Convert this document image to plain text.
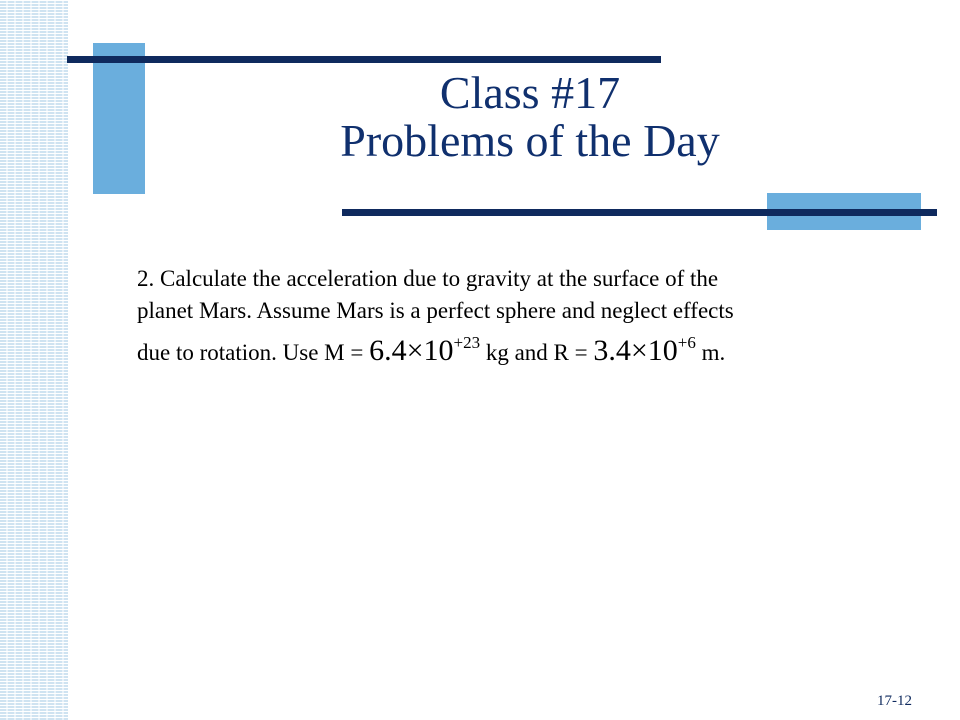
Class #17
Problems of the Day
2. Calculate the acceleration due to gravity at the surface of the
planet Mars. Assume Mars is a perfect sphere and neglect effects
due to rotation. Use $M = 6.4\times 10^{+23}$ kg and $R = 3.4\times 10^{+6}$ m.
17-12
